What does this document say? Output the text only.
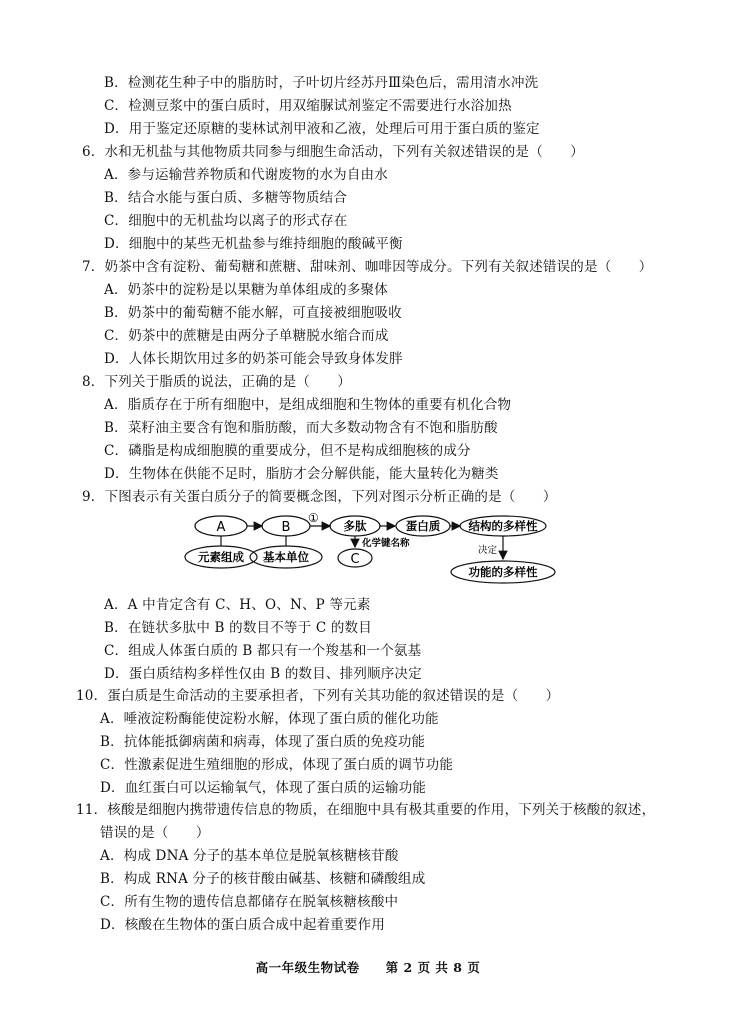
B．检测花生种子中的脂肪时，子叶切片经苏丹Ⅲ染色后，需用清水冲洗
C．检测豆浆中的蛋白质时，用双缩脲试剂鉴定不需要进行水浴加热
D．用于鉴定还原糖的斐林试剂甲液和乙液，处理后可用于蛋白质的鉴定
6．水和无机盐与其他物质共同参与细胞生命活动，下列有关叙述错误的是（　　）
A．参与运输营养物质和代谢废物的水为自由水
B．结合水能与蛋白质、多糖等物质结合
C．细胞中的无机盐均以离子的形式存在
D．细胞中的某些无机盐参与维持细胞的酸碱平衡
7．奶茶中含有淀粉、葡萄糖和蔗糖、甜味剂、咖啡因等成分。下列有关叙述错误的是（　　）
A．奶茶中的淀粉是以果糖为单体组成的多聚体
B．奶茶中的葡萄糖不能水解，可直接被细胞吸收
C．奶茶中的蔗糖是由两分子单糖脱水缩合而成
D．人体长期饮用过多的奶茶可能会导致身体发胖
8．下列关于脂质的说法，正确的是（　　）
A．脂质存在于所有细胞中，是组成细胞和生物体的重要有机化合物
B．菜籽油主要含有饱和脂肪酸，而大多数动物含有不饱和脂肪酸
C．磷脂是构成细胞膜的重要成分，但不是构成细胞核的成分
D．生物体在供能不足时，脂肪才会分解供能，能大量转化为糖类
9．下图表示有关蛋白质分子的简要概念图，下列对图示分析正确的是（　　）
A	B
①
多肽	蛋白质 结构的多样性
决定
功能的多样性
元素组成 基本单位
化学键名称
C
A．A 中肯定含有 C、H、O、N、P 等元素
B．在链状多肽中 B 的数目不等于 C 的数目
C．组成人体蛋白质的 B 都只有一个羧基和一个氨基
D．蛋白质结构多样性仅由 B 的数目、排列顺序决定
10．蛋白质是生命活动的主要承担者，下列有关其功能的叙述错误的是（　　）
A．唾液淀粉酶能使淀粉水解，体现了蛋白质的催化功能
B．抗体能抵御病菌和病毒，体现了蛋白质的免疫功能
C．性激素促进生殖细胞的形成，体现了蛋白质的调节功能
D．血红蛋白可以运输氧气，体现了蛋白质的运输功能
11．核酸是细胞内携带遗传信息的物质，在细胞中具有极其重要的作用，下列关于核酸的叙述，
错误的是（　　）
A．构成 DNA 分子的基本单位是脱氧核糖核苷酸
B．构成 RNA 分子的核苷酸由碱基、核糖和磷酸组成
C．所有生物的遗传信息都储存在脱氧核糖核酸中
D．核酸在生物体的蛋白质合成中起着重要作用
高一年级生物试卷　　第 2 页 共 8 页
